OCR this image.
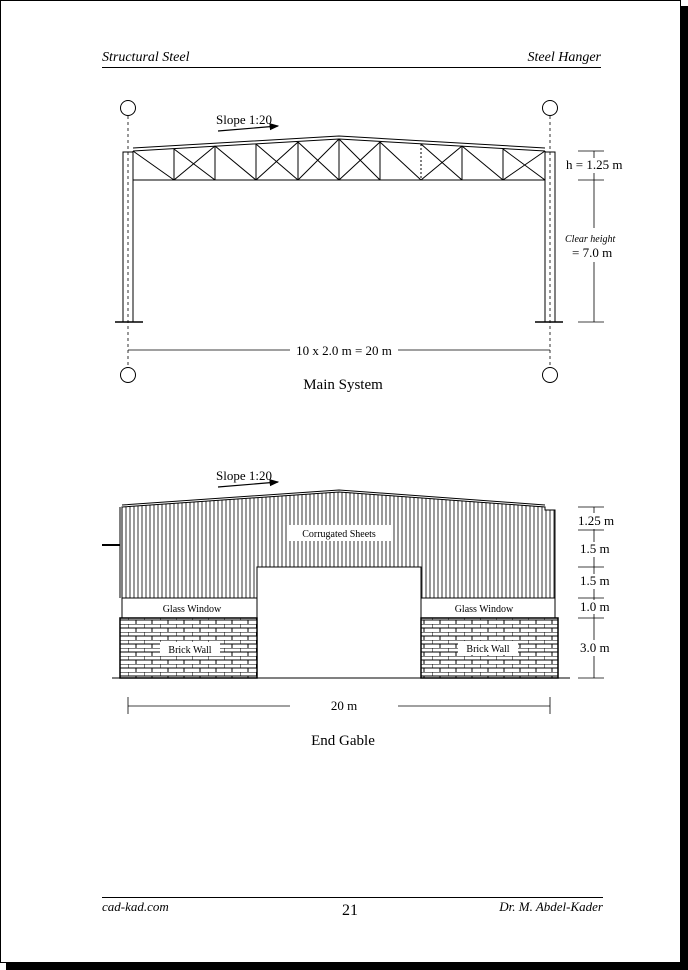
Structural Steel	Steel Hanger
Slope 1:20
h = 1.25 m
Clear height
= 7.0 m
10 x 2.0 m = 20 m
Corrugated Sheets
Glass Window	Glass Window
Brick Wall	Brick Wall
Slope 1:20
1.25 m
1.5 m
1.5 m
1.0 m
3.0 m
20 m
Main System
End Gable
cad-kad.com	21	Dr. M. Abdel-Kader
